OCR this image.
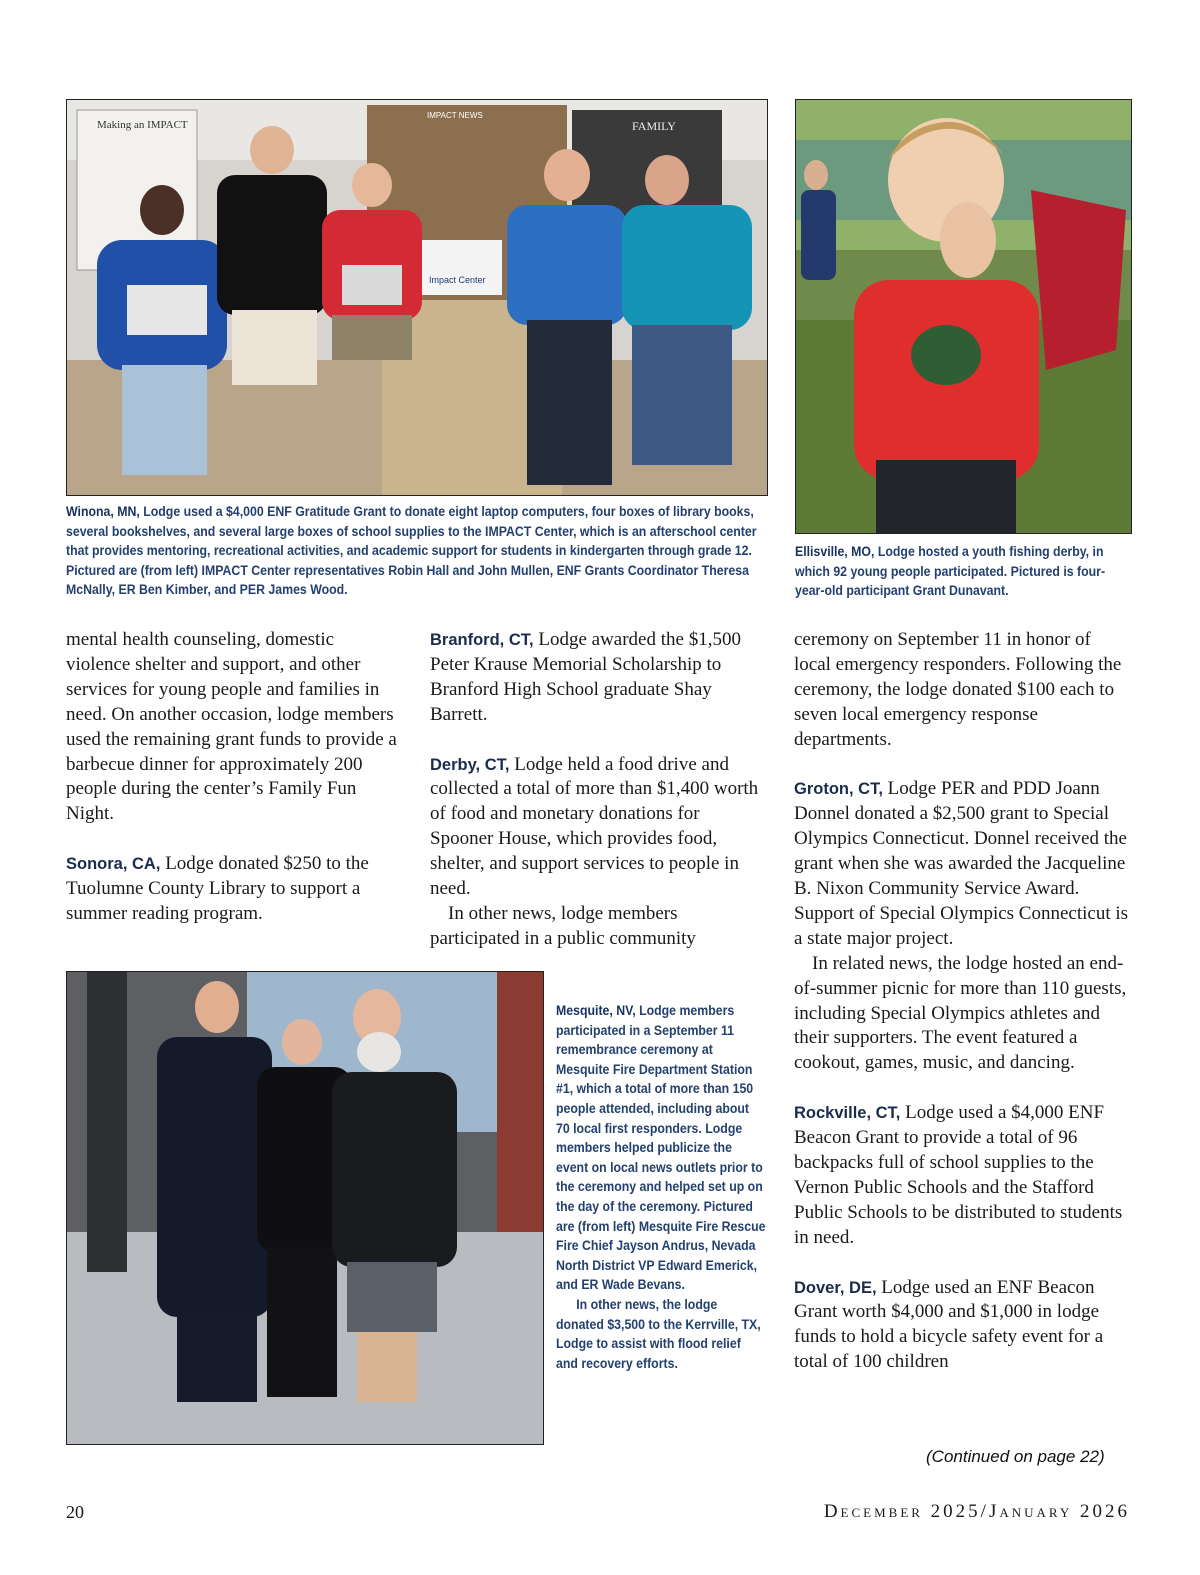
Making an IMPACT
IMPACT NEWS
FAMILY
Impact Center
Winona, MN, Lodge used a $4,000 ENF Gratitude Grant to donate eight laptop computers, four boxes of library books, several bookshelves, and several large boxes of school supplies to the IMPACT Center, which is an afterschool center that provides mentoring, recreational activities, and academic support for students in kindergarten through grade 12. Pictured are (from left) IMPACT Center representatives Robin Hall and John Mullen, ENF Grants Coordinator Theresa McNally, ER Ben Kimber, and PER James Wood.
Ellisville, MO, Lodge hosted a youth fishing derby, in which 92 young people participated. Pictured is four-year-old participant Grant Dunavant.

mental health counseling, domestic violence shelter and support, and other services for young people and families in need. On another occasion, lodge members used the remaining grant funds to provide a barbecue dinner for approximately 200 people during the center’s Family Fun Night.

Sonora, CA, Lodge donated $250 to the Tuolumne County Library to support a summer reading program.

Branford, CT, Lodge awarded the $1,500 Peter Krause Memorial Scholarship to Branford High School graduate Shay Barrett.

Derby, CT, Lodge held a food drive and collected a total of more than $1,400 worth of food and monetary donations for Spooner House, which provides food, shelter, and support services to people in need.

In other news, lodge members participated in a public community

ceremony on September 11 in honor of local emergency responders. Following the ceremony, the lodge donated $100 each to seven local emergency response departments.

Groton, CT, Lodge PER and PDD Joann Donnel donated a $2,500 grant to Special Olympics Connecticut. Donnel received the grant when she was awarded the Jacqueline B. Nixon Community Service Award. Support of Special Olympics Connecticut is a state major project.

In related news, the lodge hosted an end-of-summer picnic for more than 110 guests, including Special Olympics athletes and their supporters. The event featured a cookout, games, music, and dancing.

Rockville, CT, Lodge used a $4,000 ENF Beacon Grant to provide a total of 96 backpacks full of school supplies to the Vernon Public Schools and the Stafford Public Schools to be distributed to students in need.

Dover, DE, Lodge used an ENF Beacon Grant worth $4,000 and $1,000 in lodge funds to hold a bicycle safety event for a total of 100 children

Mesquite, NV, Lodge members participated in a September 11 remembrance ceremony at Mesquite Fire Department Station #1, which a total of more than 150 people attended, including about 70 local first responders. Lodge members helped publicize the event on local news outlets prior to the ceremony and helped set up on the day of the ceremony. Pictured are (from left) Mesquite Fire Rescue Fire Chief Jayson Andrus, Nevada North District VP Edward Emerick, and ER Wade Bevans.
In other news, the lodge donated $3,500 to the Kerrville, TX, Lodge to assist with flood relief and recovery efforts.
(Continued on page 22)
20	December 2025/January 2026
